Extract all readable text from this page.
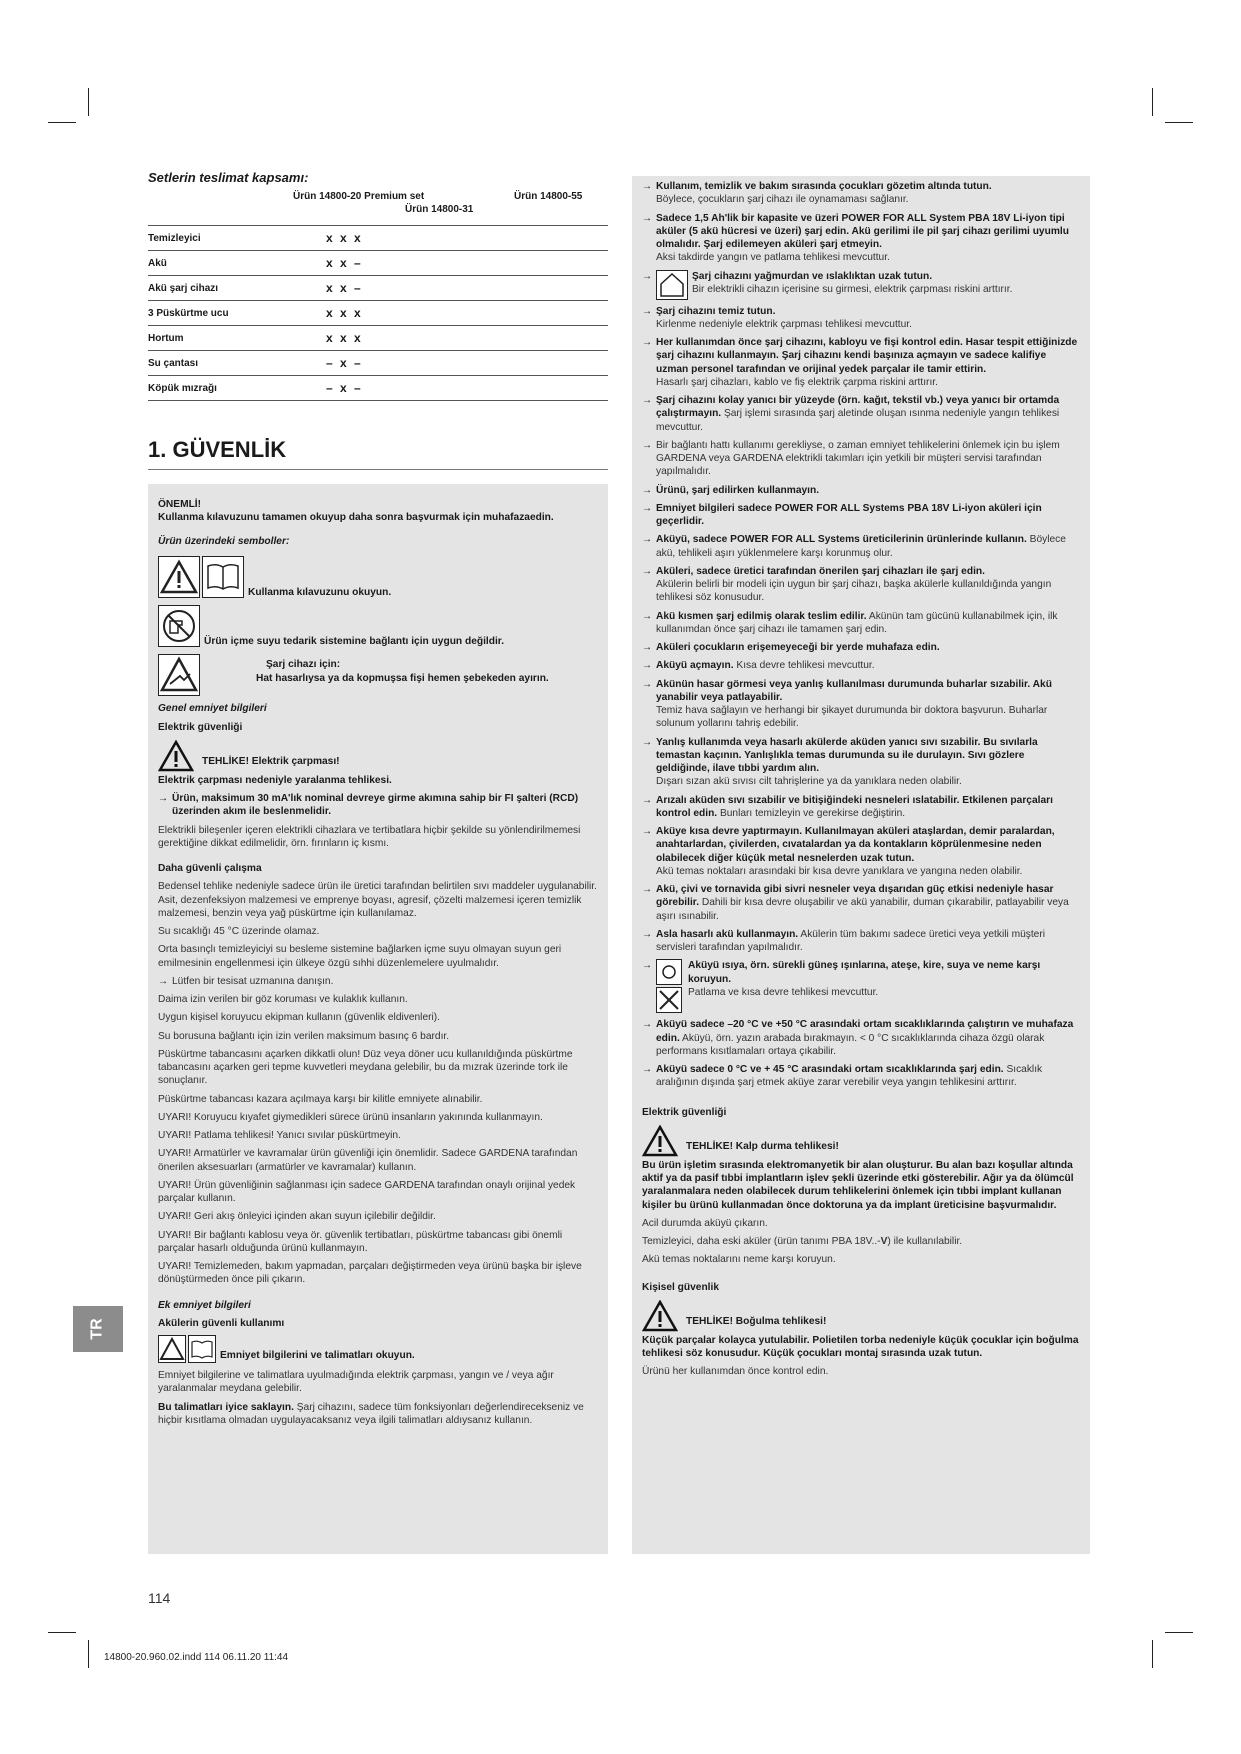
Setlerin teslimat kapsamı:
Ürün 14800-20 Premium set	Ürün 14800-55
Ürün 14800-31
Temizleyici	x x x
Akü	x x –
Akü şarj cihazı	x x –
3 Püskürtme ucu	x x x
Hortum	x x x
Su çantası	– x –
Köpük mızrağı	– x –
1. GÜVENLİK
ÖNEMLİ!
Kullanma kılavuzunu tamamen okuyup daha sonra başvurmak için muhafazaedin.
Ürün üzerindeki semboller:
Kullanma kılavuzunu okuyun.
Ürün içme suyu tedarik sistemine bağlantı için uygun değildir.
Şarj cihazı için:
Hat hasarlıysa ya da kopmuşsa fişi hemen şebekeden ayırın.
Genel emniyet bilgileri
Elektrik güvenliği
TEHLİKE! Elektrik çarpması!
Elektrik çarpması nedeniyle yaralanma tehlikesi.
→ Ürün, maksimum 30 mA'lık nominal devreye girme akımına sahip bir FI şalteri (RCD) üzerinden akım ile beslenmelidir.
Elektrikli bileşenler içeren elektrikli cihazlara ve tertibatlara hiçbir şekilde su yönlendirilmemesi gerektiğine dikkat edilmelidir, örn. fırınların iç kısmı.
Daha güvenli çalışma
Bedensel tehlike nedeniyle sadece ürün ile üretici tarafından belirtilen sıvı maddeler uygulanabilir. Asit, dezenfeksiyon malzemesi ve emprenye boyası, agresif, çözelti malzemesi içeren temizlik malzemesi, benzin veya yağ püskürtme için kullanılamaz.
Su sıcaklığı 45 °C üzerinde olamaz.
Orta basınçlı temizleyiciyi su besleme sistemine bağlarken içme suyu olmayan suyun geri emilmesinin engellenmesi için ülkeye özgü sıhhi düzenlemelere uyulmalıdır.
→ Lütfen bir tesisat uzmanına danışın.
Daima izin verilen bir göz koruması ve kulaklık kullanın.
Uygun kişisel koruyucu ekipman kullanın (güvenlik eldivenleri).
Su borusuna bağlantı için izin verilen maksimum basınç 6 bardır.
Püskürtme tabancasını açarken dikkatli olun! Düz veya döner ucu kullanıldığında püskürtme tabancasını açarken geri tepme kuvvetleri meydana gelebilir, bu da mızrak üzerinde tork ile sonuçlanır.
Püskürtme tabancası kazara açılmaya karşı bir kilitle emniyete alınabilir.
UYARI! Koruyucu kıyafet giymedikleri sürece ürünü insanların yakınında kullanmayın.
UYARI! Patlama tehlikesi! Yanıcı sıvılar püskürtmeyin.
UYARI! Armatürler ve kavramalar ürün güvenliği için önemlidir. Sadece GARDENA tarafından önerilen aksesuarları (armatürler ve kavramalar) kullanın.
UYARI! Ürün güvenliğinin sağlanması için sadece GARDENA tarafından onaylı orijinal yedek parçalar kullanın.
UYARI! Geri akış önleyici içinden akan suyun içilebilir değildir.
UYARI! Bir bağlantı kablosu veya ör. güvenlik tertibatları, püskürtme tabancası gibi önemli parçalar hasarlı olduğunda ürünü kullanmayın.
UYARI! Temizlemeden, bakım yapmadan, parçaları değiştirmeden veya ürünü başka bir işleve dönüştürmeden önce pili çıkarın.
Ek emniyet bilgileri
Akülerin güvenli kullanımı
Emniyet bilgilerini ve talimatları okuyun.
Emniyet bilgilerine ve talimatlara uyulmadığında elektrik çarpması, yangın ve / veya ağır yaralanmalar meydana gelebilir.
Bu talimatları iyice saklayın. Şarj cihazını, sadece tüm fonksiyonları değerlendirecekseniz ve hiçbir kısıtlama olmadan uygulayacaksanız veya ilgili talimatları aldıysanız kullanın.
→ Kullanım, temizlik ve bakım sırasında çocukları gözetim altında tutun.
Böylece, çocukların şarj cihazı ile oynamaması sağlanır.
→ Sadece 1,5 Ah'lik bir kapasite ve üzeri POWER FOR ALL System PBA 18V Li-iyon tipi aküler (5 akü hücresi ve üzeri) şarj edin. Akü gerilimi ile pil şarj cihazı gerilimi uyumlu olmalıdır. Şarj edilemeyen aküleri şarj etmeyin.
Aksi takdirde yangın ve patlama tehlikesi mevcuttur.
→	Şarj cihazını yağmurdan ve ıslaklıktan uzak tutun.
Bir elektrikli cihazın içerisine su girmesi, elektrik çarpması riskini arttırır.
→ Şarj cihazını temiz tutun.
Kirlenme nedeniyle elektrik çarpması tehlikesi mevcuttur.
→ Her kullanımdan önce şarj cihazını, kabloyu ve fişi kontrol edin. Hasar tespit ettiğinizde şarj cihazını kullanmayın. Şarj cihazını kendi başınıza açmayın ve sadece kalifiye uzman personel tarafından ve orijinal yedek parçalar ile tamir ettirin.
Hasarlı şarj cihazları, kablo ve fiş elektrik çarpma riskini arttırır.
→ Şarj cihazını kolay yanıcı bir yüzeyde (örn. kağıt, tekstil vb.) veya yanıcı bir ortamda çalıştırmayın. Şarj işlemi sırasında şarj aletinde oluşan ısınma nedeniyle yangın tehlikesi mevcuttur.
→ Bir bağlantı hattı kullanımı gerekliyse, o zaman emniyet tehlikelerini önlemek için bu işlem GARDENA veya GARDENA elektrikli takımları için yetkili bir müşteri servisi tarafından yapılmalıdır.
→ Ürünü, şarj edilirken kullanmayın.
→ Emniyet bilgileri sadece POWER FOR ALL Systems PBA 18V Li-iyon aküleri için geçerlidir.
→ Aküyü, sadece POWER FOR ALL Systems üreticilerinin ürünlerinde kullanın. Böylece akü, tehlikeli aşırı yüklenmelere karşı korunmuş olur.
→ Aküleri, sadece üretici tarafından önerilen şarj cihazları ile şarj edin.
Akülerin belirli bir modeli için uygun bir şarj cihazı, başka akülerle kullanıldığında yangın tehlikesi söz konusudur.
→ Akü kısmen şarj edilmiş olarak teslim edilir. Akünün tam gücünü kullanabilmek için, ilk kullanımdan önce şarj cihazı ile tamamen şarj edin.
→ Aküleri çocukların erişemeyeceği bir yerde muhafaza edin.
→ Aküyü açmayın. Kısa devre tehlikesi mevcuttur.
→ Akünün hasar görmesi veya yanlış kullanılması durumunda buharlar sızabilir. Akü yanabilir veya patlayabilir.
Temiz hava sağlayın ve herhangi bir şikayet durumunda bir doktora başvurun. Buharlar solunum yollarını tahriş edebilir.
→ Yanlış kullanımda veya hasarlı akülerde aküden yanıcı sıvı sızabilir. Bu sıvılarla temastan kaçının. Yanlışlıkla temas durumunda su ile durulayın. Sıvı gözlere geldiğinde, ilave tıbbi yardım alın.
Dışarı sızan akü sıvısı cilt tahrişlerine ya da yanıklara neden olabilir.
→ Arızalı aküden sıvı sızabilir ve bitişiğindeki nesneleri ıslatabilir. Etkilenen parçaları kontrol edin. Bunları temizleyin ve gerekirse değiştirin.
→ Aküye kısa devre yaptırmayın. Kullanılmayan aküleri ataşlardan, demir paralardan, anahtarlardan, çivilerden, cıvatalardan ya da kontakların köprülenmesine neden olabilecek diğer küçük metal nesnelerden uzak tutun.
Akü temas noktaları arasındaki bir kısa devre yanıklara ve yangına neden olabilir.
→ Akü, çivi ve tornavida gibi sivri nesneler veya dışarıdan güç etkisi nedeniyle hasar görebilir. Dahili bir kısa devre oluşabilir ve akü yanabilir, duman çıkarabilir, patlayabilir veya aşırı ısınabilir.
→ Asla hasarlı akü kullanmayın. Akülerin tüm bakımı sadece üretici veya yetkili müşteri servisleri tarafından yapılmalıdır.
→	Aküyü ısıya, örn. sürekli güneş ışınlarına, ateşe, kire, suya ve neme karşı koruyun.
Patlama ve kısa devre tehlikesi mevcuttur.
→ Aküyü sadece –20 °C ve +50 °C arasındaki ortam sıcaklıklarında çalıştırın ve muhafaza edin. Aküyü, örn. yazın arabada bırakmayın. < 0 °C sıcaklıklarında cihaza özgü olarak performans kısıtlamaları ortaya çıkabilir.
→ Aküyü sadece 0 °C ve + 45 °C arasındaki ortam sıcaklıklarında şarj edin. Sıcaklık aralığının dışında şarj etmek aküye zarar verebilir veya yangın tehlikesini arttırır.
Elektrik güvenliği
TEHLİKE! Kalp durma tehlikesi!
Bu ürün işletim sırasında elektromanyetik bir alan oluşturur. Bu alan bazı koşullar altında aktif ya da pasif tıbbi implantların işlev şekli üzerinde etki gösterebilir. Ağır ya da ölümcül yaralanmalara neden olabilecek durum tehlikelerini önlemek için tıbbi implant kullanan kişiler bu ürünü kullanmadan önce doktoruna ya da implant üreticisine başvurmalıdır.
Acil durumda aküyü çıkarın.
Temizleyici, daha eski aküler (ürün tanımı PBA 18V..-V) ile kullanılabilir.
Akü temas noktalarını neme karşı koruyun.
Kişisel güvenlik
TEHLİKE! Boğulma tehlikesi!
Küçük parçalar kolayca yutulabilir. Polietilen torba nedeniyle küçük çocuklar için boğulma tehlikesi söz konusudur. Küçük çocukları montaj sırasında uzak tutun.
Ürünü her kullanımdan önce kontrol edin.
TR
114
14800-20.960.02.indd 114 06.11.20 11:44
